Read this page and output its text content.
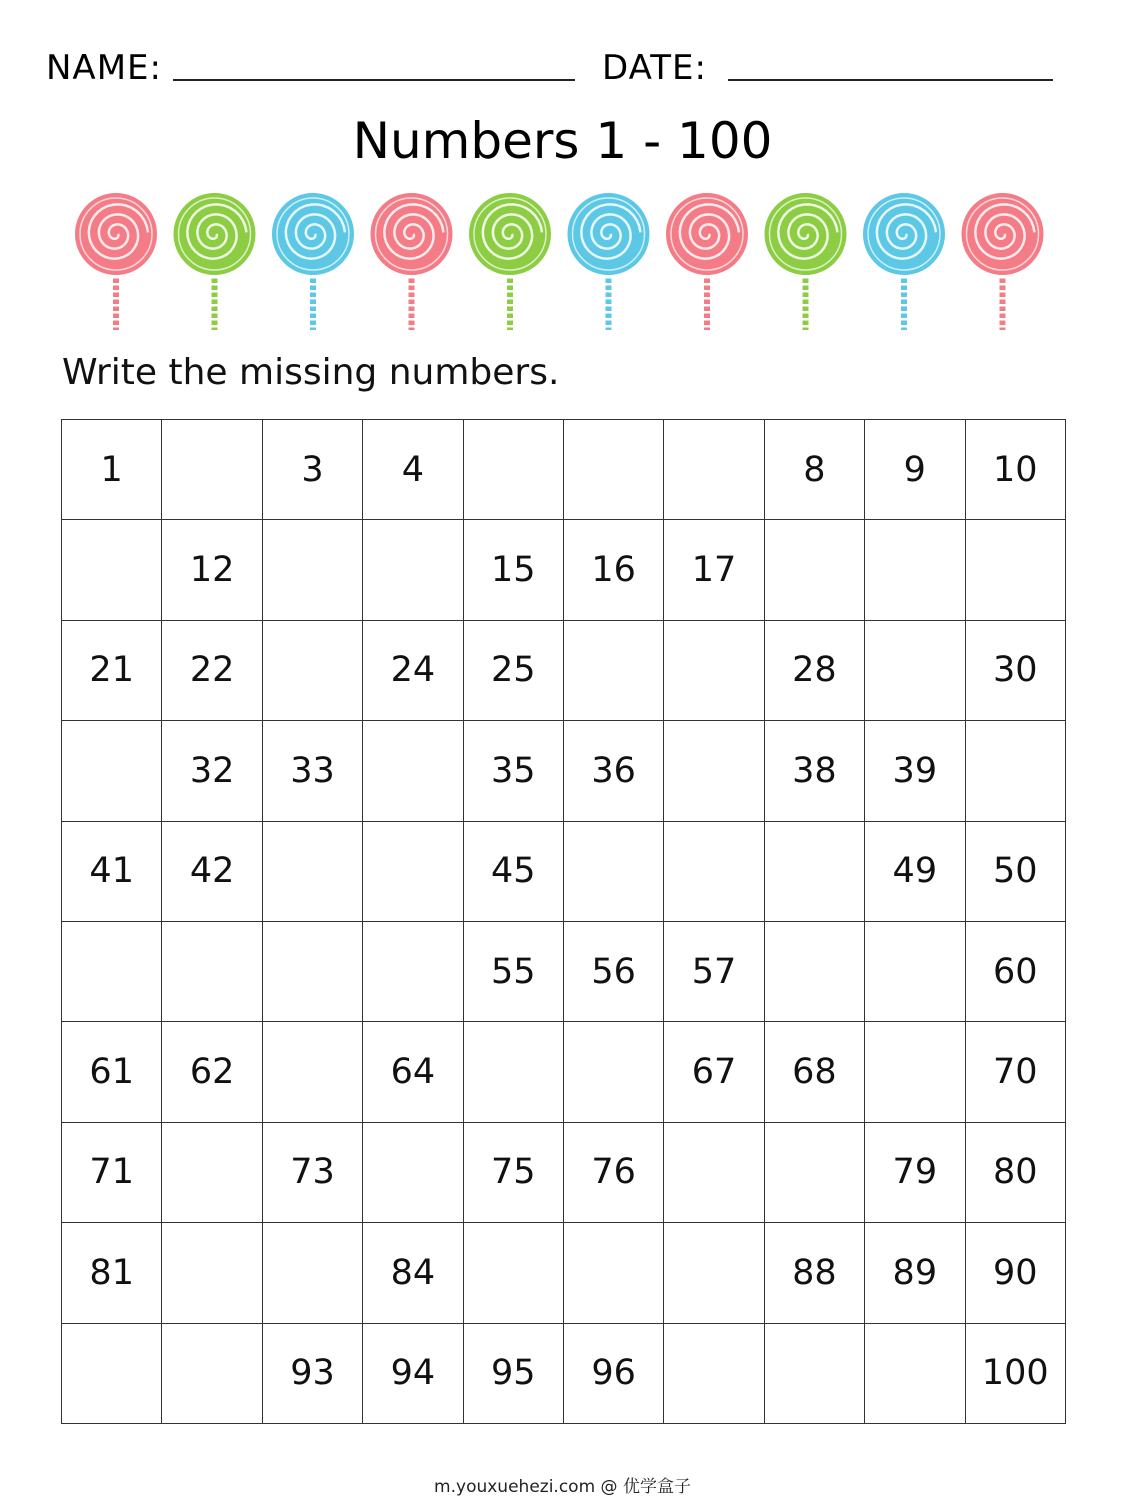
NAME:	DATE:
Numbers 1 - 100
Write the missing numbers.
1		3	4				8	9	10
	12			15	16	17			
21	22		24	25			28		30
	32	33		35	36		38	39	
41	42			45				49	50
				55	56	57			60
61	62		64			67	68		70
71		73		75	76			79	80
81			84				88	89	90
		93	94	95	96				100
m.youxuehezi.com @ 优学盒子
